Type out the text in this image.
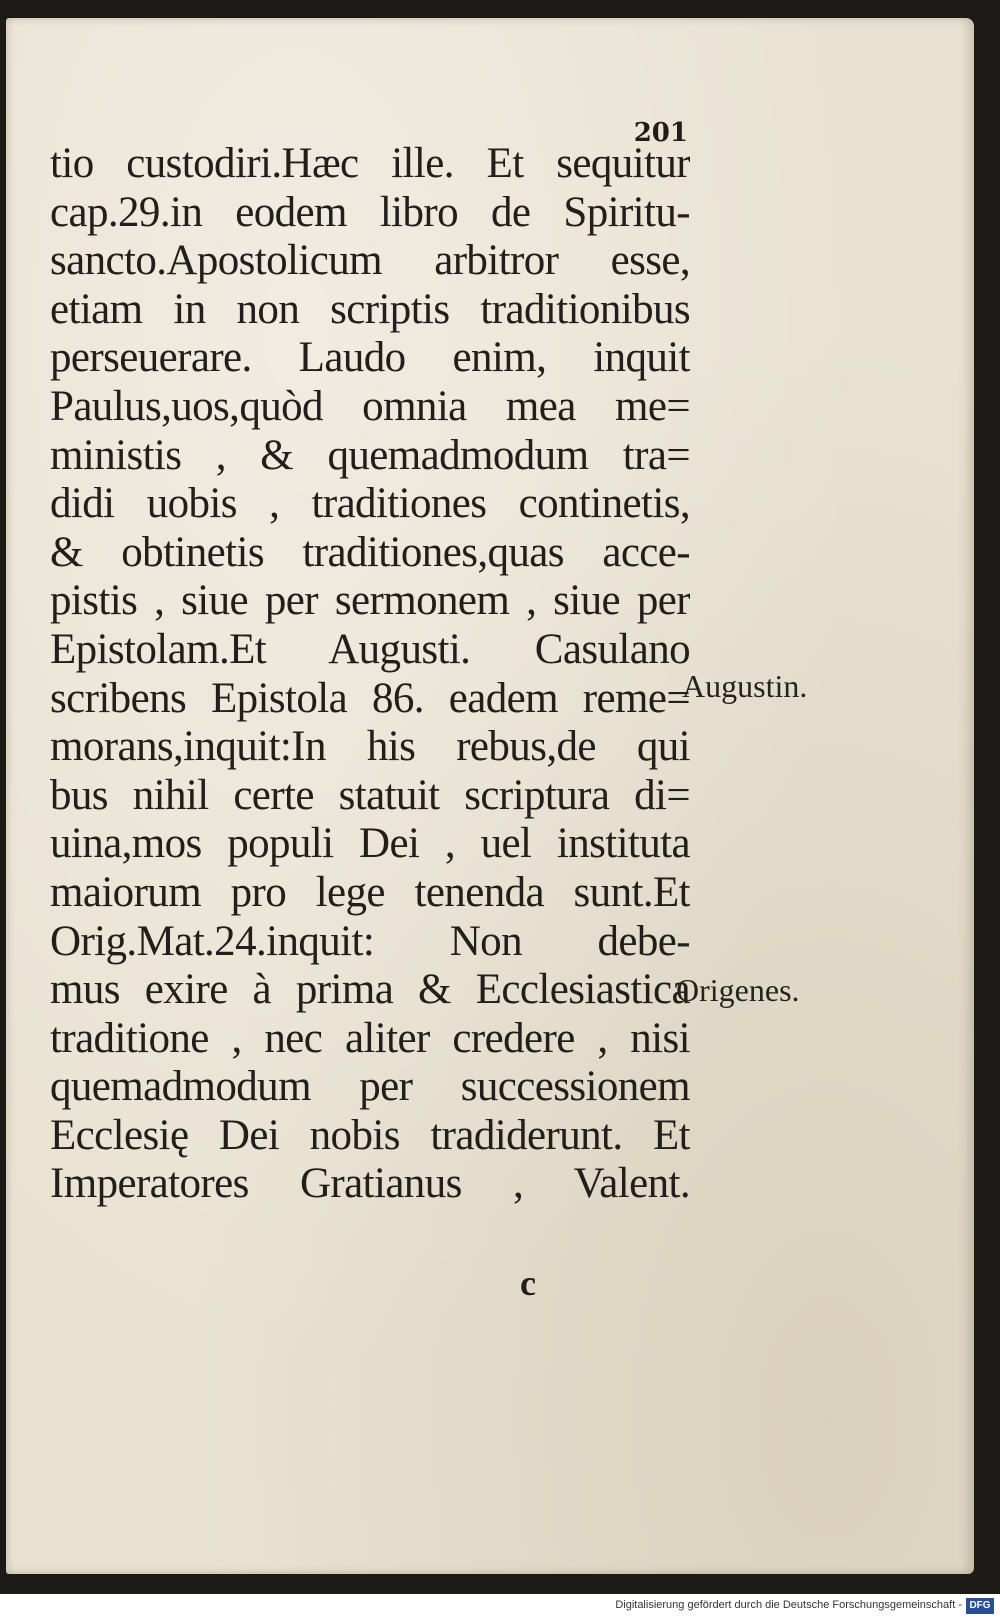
201
tio custodiri.Hæc ille. Et sequitur
cap.29.in eodem libro de Spiritu-
sancto.Apostolicum arbitror esse,
etiam in non scriptis traditionibus
perseuerare. Laudo enim, inquit
Paulus,uos,quòd omnia mea me=
ministis , & quemadmodum tra=
didi uobis , traditiones continetis,
& obtinetis traditiones,quas acce-
pistis , siue per sermonem , siue per
Epistolam.Et Augusti. Casulano
scribens Epistola 86. eadem reme=
morans,inquit:In his rebus,de qui
bus nihil certe statuit scriptura di=
uina,mos populi Dei , uel instituta
maiorum pro lege tenenda sunt.Et
Orig.Mat.24.inquit: Non debe-
mus exire à prima & Ecclesiastica
traditione , nec aliter credere , nisi
quemadmodum per successionem
Ecclesię Dei nobis tradiderunt. Et
Imperatores Gratianus , Valent.
Augustin.
Origenes.
c
Digitalisierung gefördert durch die Deutsche Forschungsgemeinschaft - DFG
